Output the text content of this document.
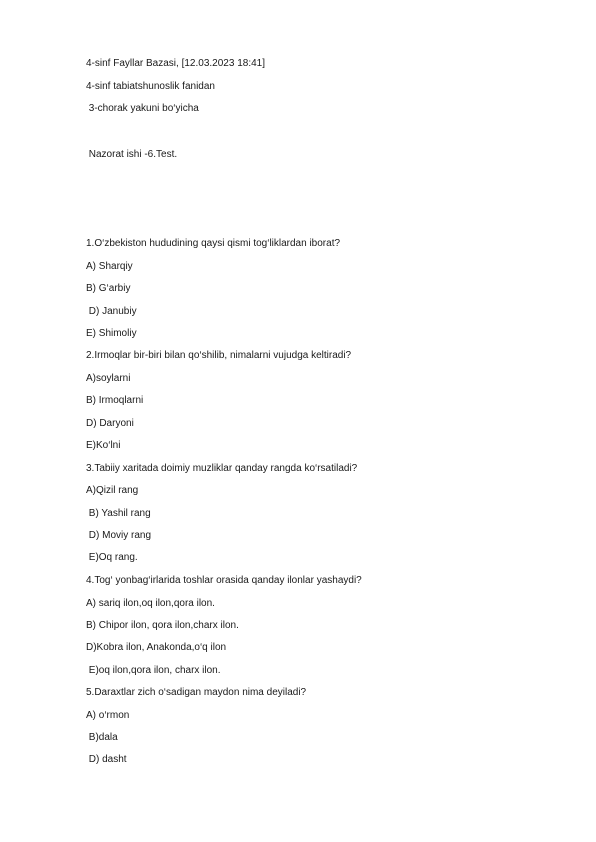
4-sinf Fayllar Bazasi, [12.03.2023 18:41]
4-sinf tabiatshunoslik fanidan
3-chorak yakuni bo‘yicha
Nazorat ishi -6.Test.
1.O‘zbekiston hududining qaysi qismi tog‘liklardan iborat?
A) Sharqiy
B) G‘arbiy
D) Janubiy
E) Shimoliy
2.Irmoqlar bir-biri bilan qo‘shilib, nimalarni vujudga keltiradi?
A)soylarni
B) Irmoqlarni
D) Daryoni
E)Ko‘lni
3.Tabiiy xaritada doimiy muzliklar qanday rangda ko‘rsatiladi?
A)Qizil rang
B) Yashil rang
D) Moviy rang
E)Oq rang.
4.Tog‘ yonbag‘irlarida toshlar orasida qanday ilonlar yashaydi?
A) sariq ilon,oq ilon,qora ilon.
B) Chipor ilon, qora ilon,charx ilon.
D)Kobra ilon, Anakonda,o‘q ilon
E)oq ilon,qora ilon, charx ilon.
5.Daraxtlar zich o‘sadigan maydon nima deyiladi?
A) o‘rmon
B)dala
D) dasht
